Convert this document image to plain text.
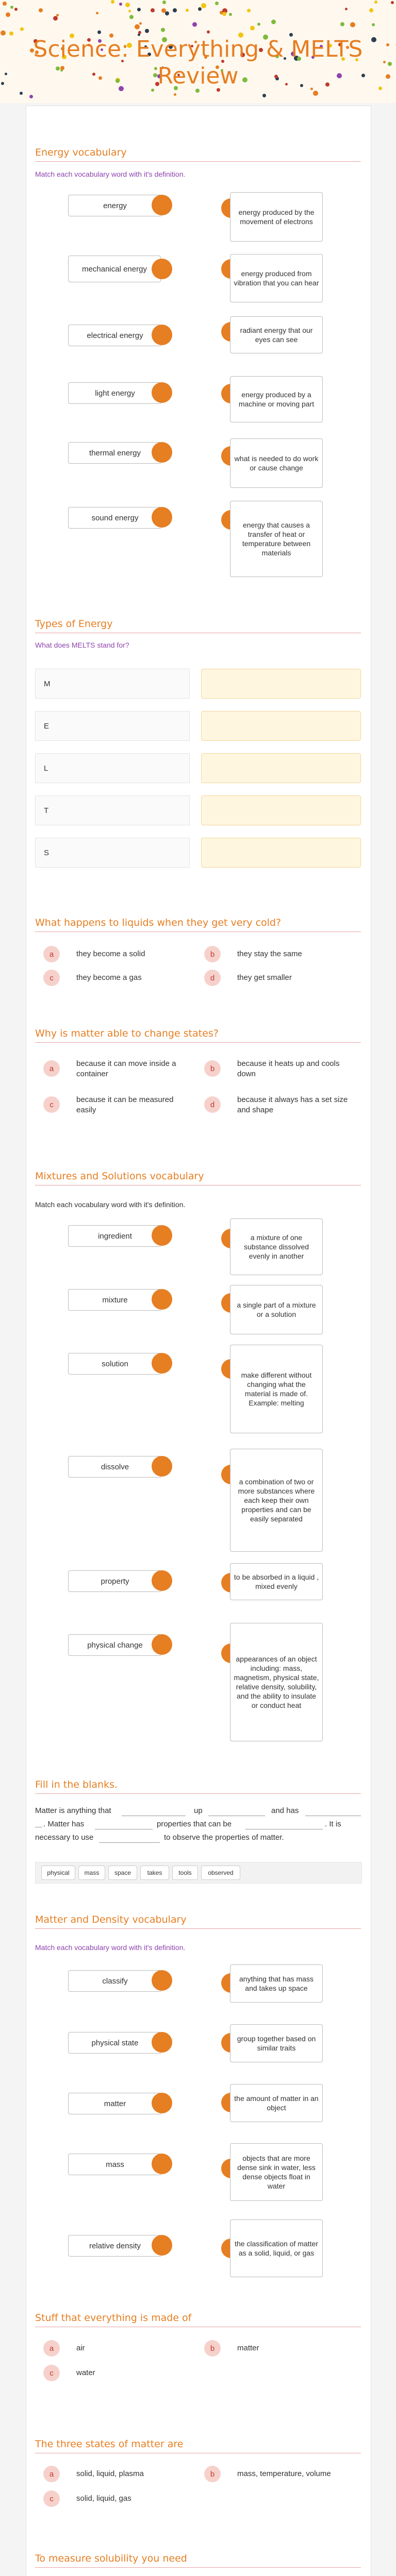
Science: Everything & MELTS Review
Energy vocabulary
Match each vocabulary word with it's definition.
energy
mechanical energy
electrical energy
light energy
thermal energy
sound energy
energy produced by the movement of electrons
energy produced from vibration that you can hear
radiant energy that our eyes can see
energy produced by a machine or moving part
what is needed to do work or cause change
energy that causes a transfer of heat or temperature between materials
Types of Energy
What does MELTS stand for?
M
E
L
T
S
What happens to liquids when they get very cold?
a	they become a solid	b	they stay the same
c	they become a gas	d	they get smaller
Why is matter able to change states?
a
because it can move inside a container
b
because it heats up and cools down
c
because it can be measured easily
d
because it always has a set size and shape
Mixtures and Solutions vocabulary
Match each vocabulary word with it's definition.
ingredient
mixture
solution
dissolve
property
physical change
a mixture of one substance dissolved evenly in another
a single part of a mixture or a solution
make different without changing what the material is made of. Example: melting
a combination of two or more substances where each keep their own properties and can be easily separated
to be absorbed in a liquid , mixed evenly
appearances of an object including: mass, magnetism, physical state, relative density, solubility, and the ability to insulate or conduct heat
Fill in the blanks.
Matter is anything that	up	and has
. Matter has	properties that can be	. It is
necessary to use	to observe the properties of matter.
physical	mass	space	takes	tools	observed
Matter and Density vocabulary
Match each vocabulary word with it's definition.
classify
physical state
matter
mass
relative density
anything that has mass and takes up space
group together based on similar traits
the amount of matter in an object
objects that are more dense sink in water, less dense objects float in water
the classification of matter as a solid, liquid, or gas
Stuff that everything is made of
a	air	b	matter
c	water
The three states of matter are
a	solid, liquid, plasma	b	mass, temperature, volume
c	solid, liquid, gas
To measure solubility you need
